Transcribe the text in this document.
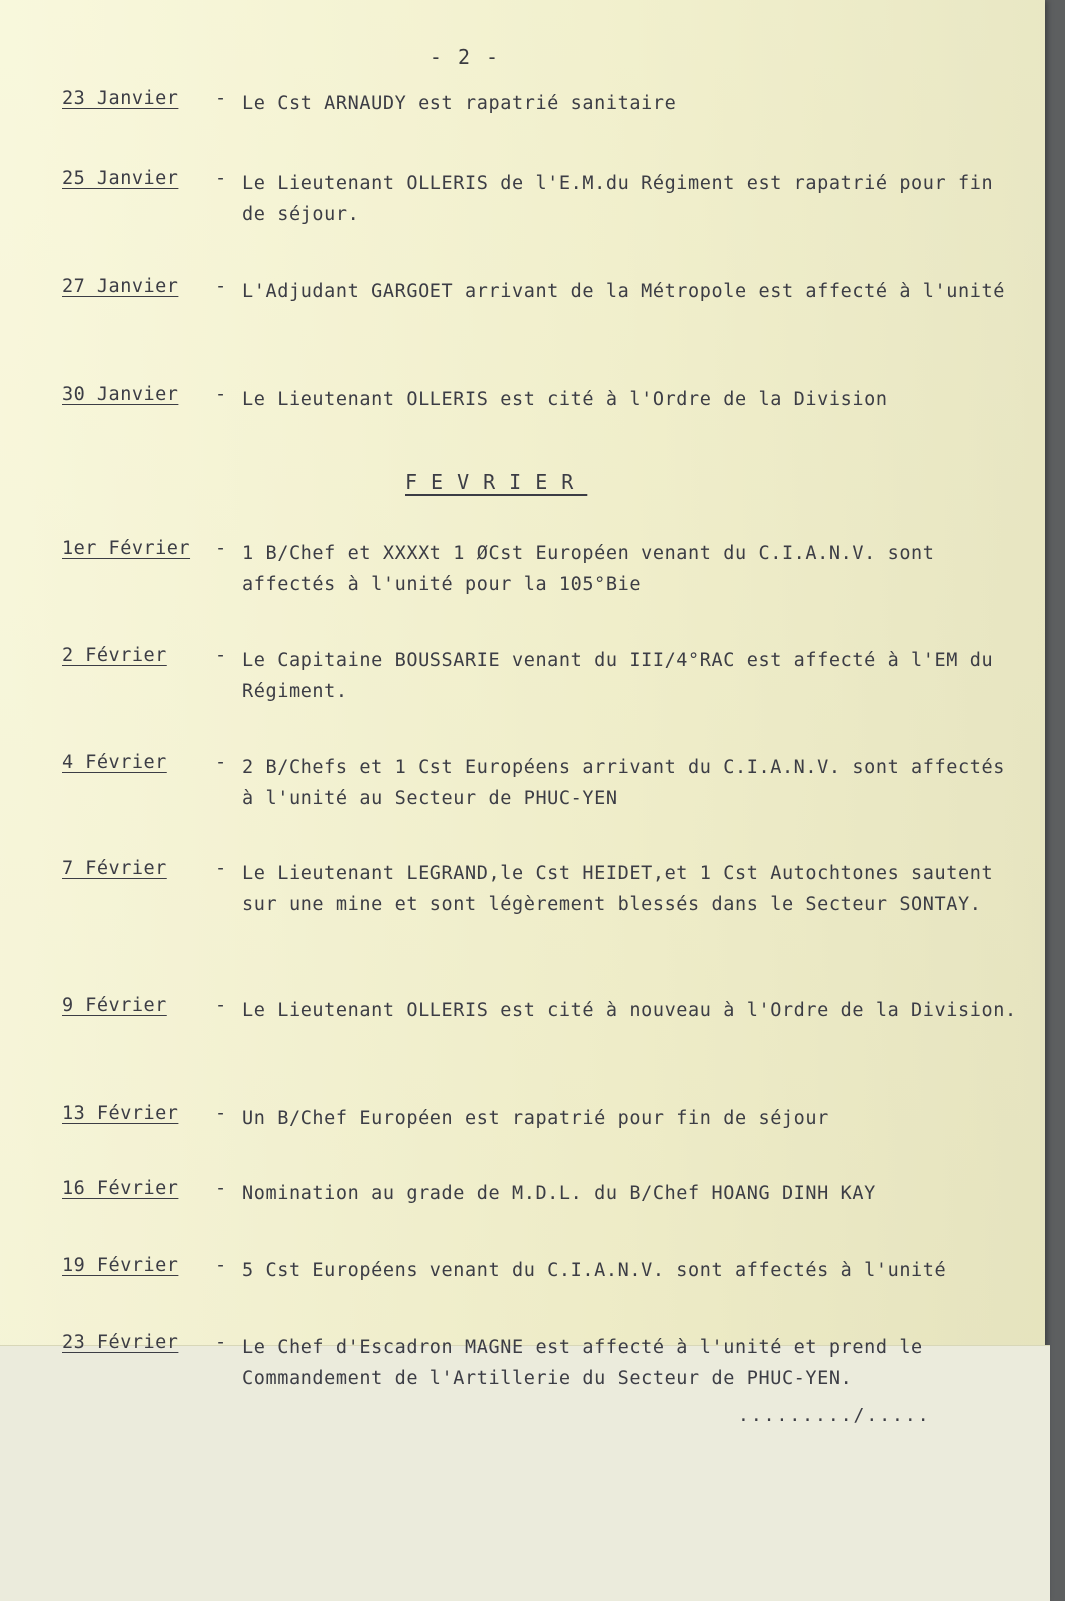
- 2 -
23 Janvier	- Le Cst ARNAUDY est rapatrié sanitaire
25 Janvier	- Le Lieutenant OLLERIS de l'E.M.du Régiment est rapatrié pour fin de séjour.
27 Janvier	- L'Adjudant GARGOET arrivant de la Métropole est affecté à l'unité
30 Janvier	- Le Lieutenant OLLERIS est cité à l'Ordre de la Division
FEVRIER
1er Février	- 1 B/Chef et XXXXt 1 ØCst Européen venant du C.I.A.N.V. sont affectés à l'unité pour la 105°Bie
2 Février	- Le Capitaine BOUSSARIE venant du III/4°RAC est affecté à l'EM du Régiment.
4 Février	- 2 B/Chefs et 1 Cst Européens arrivant du C.I.A.N.V. sont affectés à l'unité au Secteur de PHUC-YEN
7 Février	- Le Lieutenant LEGRAND,le Cst HEIDET,et 1 Cst Autochtones sautent sur une mine et sont légèrement blessés dans le Secteur SONTAY.
9 Février	- Le Lieutenant OLLERIS est cité à nouveau à l'Ordre de la Division.
13 Février	- Un B/Chef Européen est rapatrié pour fin de séjour
16 Février	- Nomination au grade de M.D.L. du B/Chef HOANG DINH KAY
19 Février	- 5 Cst Européens venant du C.I.A.N.V. sont affectés à l'unité
23 Février	- Le Chef d'Escadron MAGNE est affecté à l'unité et prend le Commandement de l'Artillerie du Secteur de PHUC-YEN.
........./.....
